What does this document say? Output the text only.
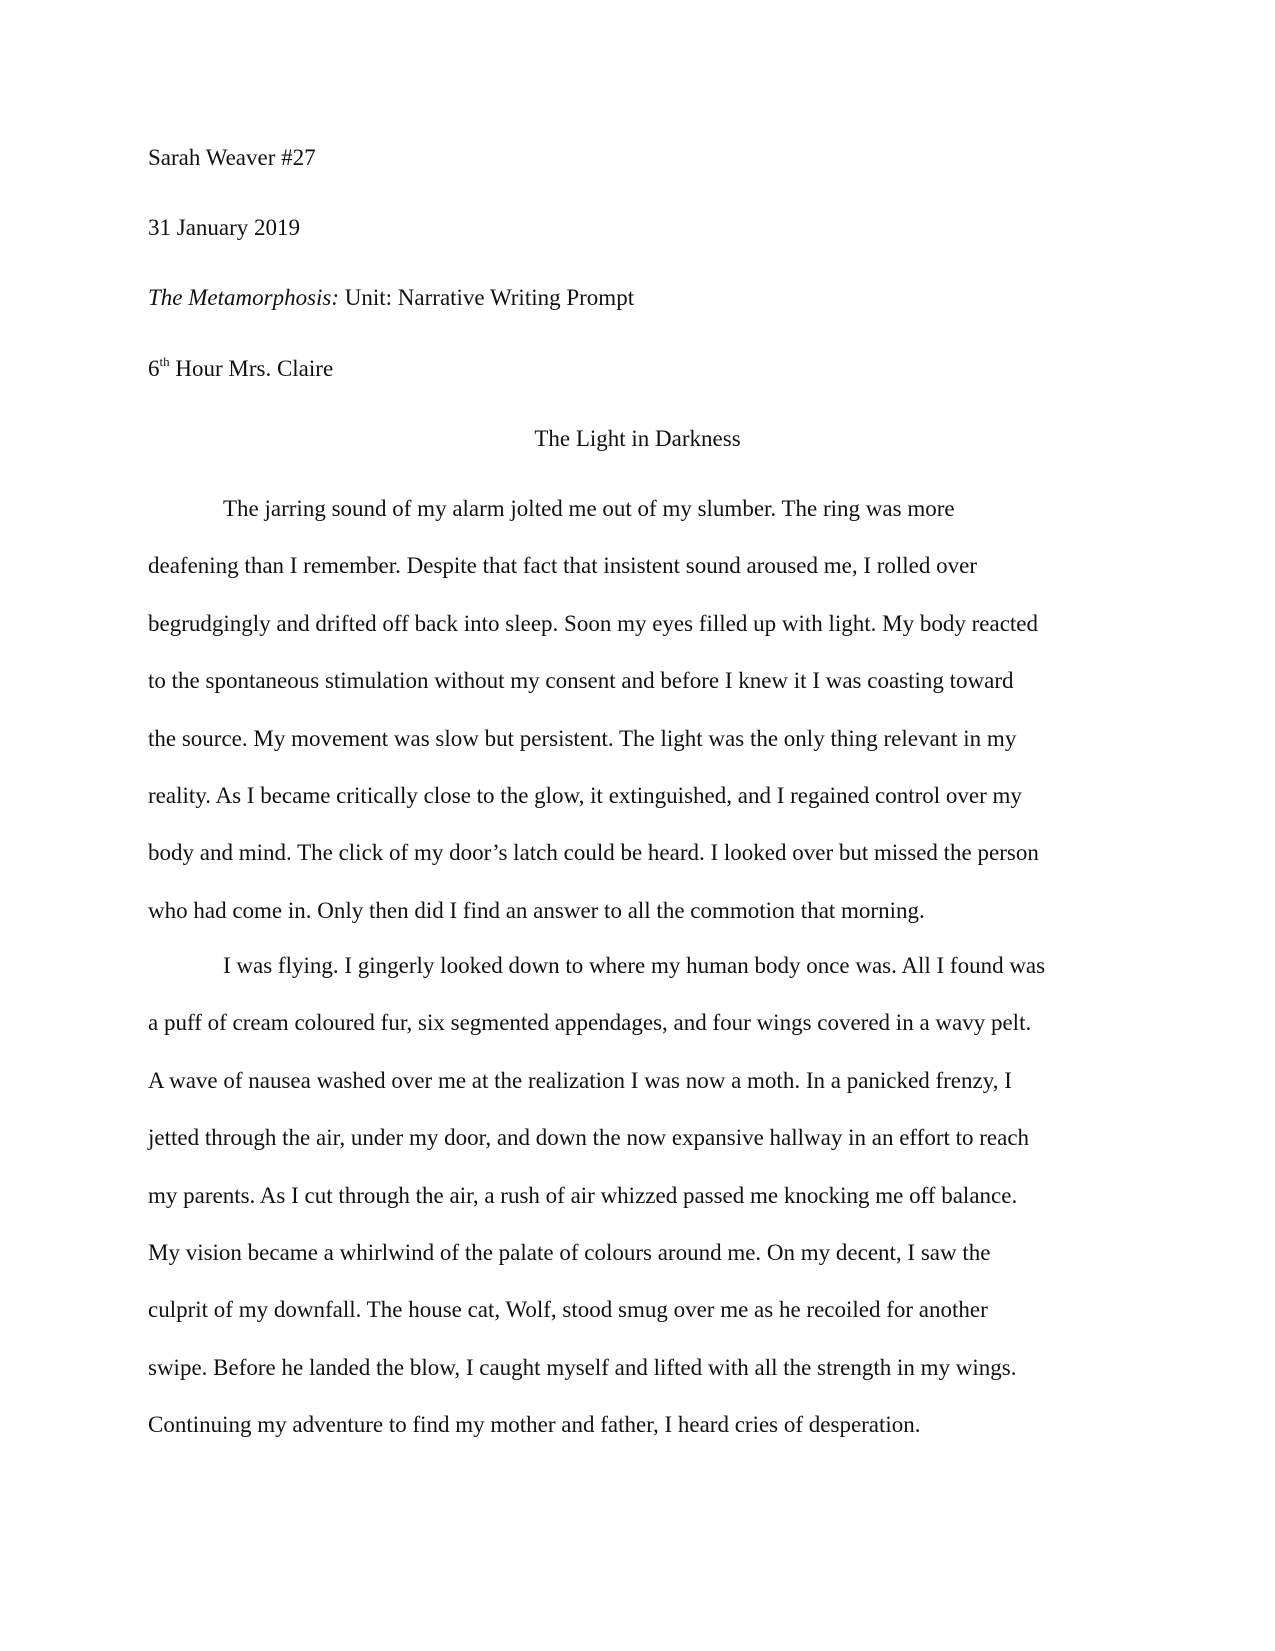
Sarah Weaver #27

31 January 2019

The Metamorphosis: Unit: Narrative Writing Prompt

6th Hour Mrs. Claire

The Light in Darkness

The jarring sound of my alarm jolted me out of my slumber. The ring was more
deafening than I remember. Despite that fact that insistent sound aroused me, I rolled over
begrudgingly and drifted off back into sleep. Soon my eyes filled up with light. My body reacted
to the spontaneous stimulation without my consent and before I knew it I was coasting toward
the source. My movement was slow but persistent. The light was the only thing relevant in my
reality. As I became critically close to the glow, it extinguished, and I regained control over my
body and mind. The click of my door’s latch could be heard. I looked over but missed the person
who had come in. Only then did I find an answer to all the commotion that morning.
I was flying. I gingerly looked down to where my human body once was. All I found was
a puff of cream coloured fur, six segmented appendages, and four wings covered in a wavy pelt.
A wave of nausea washed over me at the realization I was now a moth. In a panicked frenzy, I
jetted through the air, under my door, and down the now expansive hallway in an effort to reach
my parents. As I cut through the air, a rush of air whizzed passed me knocking me off balance.
My vision became a whirlwind of the palate of colours around me. On my decent, I saw the
culprit of my downfall. The house cat, Wolf, stood smug over me as he recoiled for another
swipe. Before he landed the blow, I caught myself and lifted with all the strength in my wings.
Continuing my adventure to find my mother and father, I heard cries of desperation.
